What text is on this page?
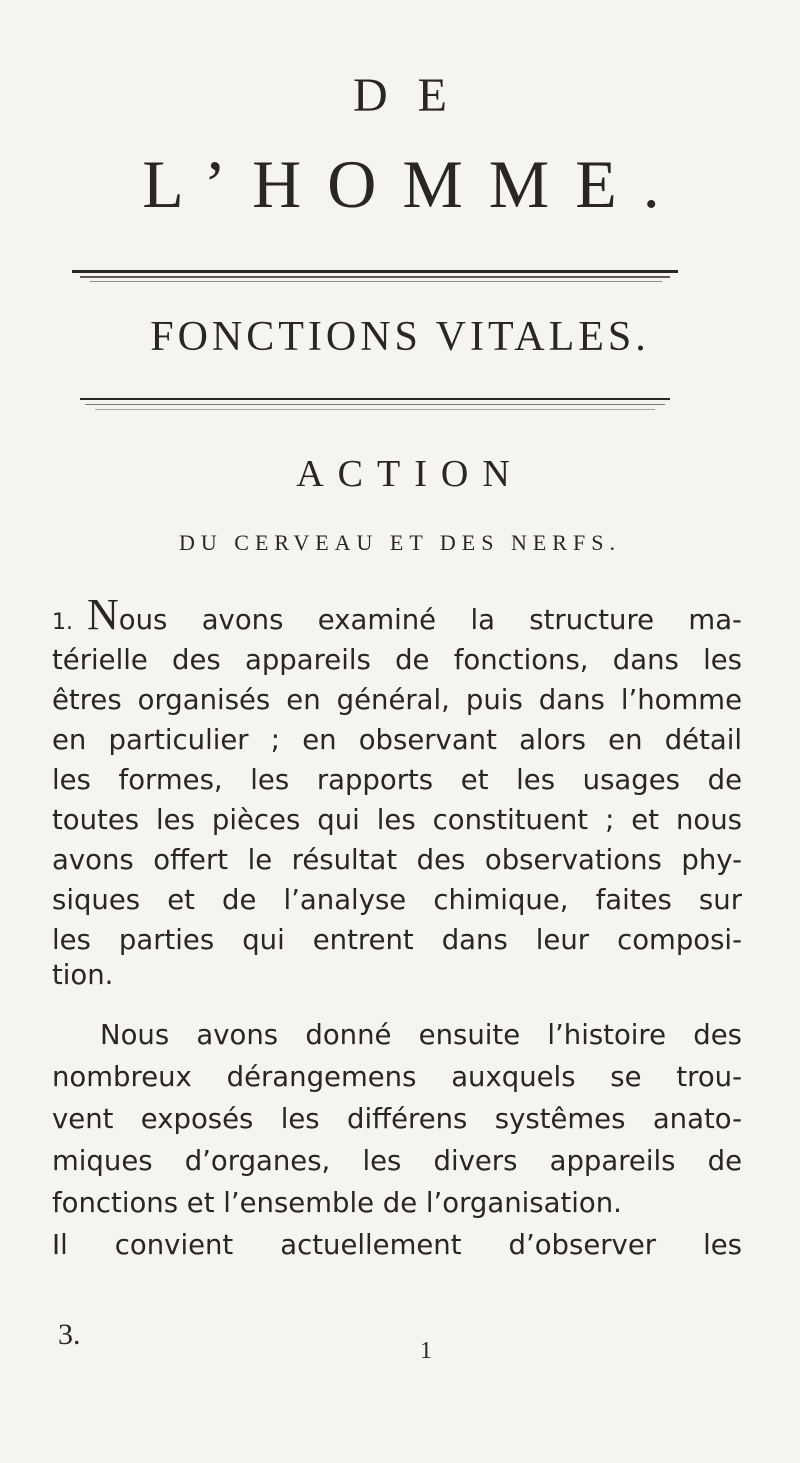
DE
L’HOMME.
FONCTIONS VITALES.
ACTION
DU CERVEAU ET DES NERFS.
1. Nous avons examiné la structure ma-
térielle des appareils de fonctions, dans les
êtres organisés en général, puis dans l’homme
en particulier ; en observant alors en détail
les formes, les rapports et les usages de
toutes les pièces qui les constituent ; et nous
avons offert le résultat des observations phy-
siques et de l’analyse chimique, faites sur
les parties qui entrent dans leur composi-
tion.
Nous avons donné ensuite l’histoire des
nombreux dérangemens auxquels se trou-
vent exposés les différens systêmes anato-
miques d’organes, les divers appareils de
fonctions et l’ensemble de l’organisation.
Il convient actuellement d’observer les
3.	1
